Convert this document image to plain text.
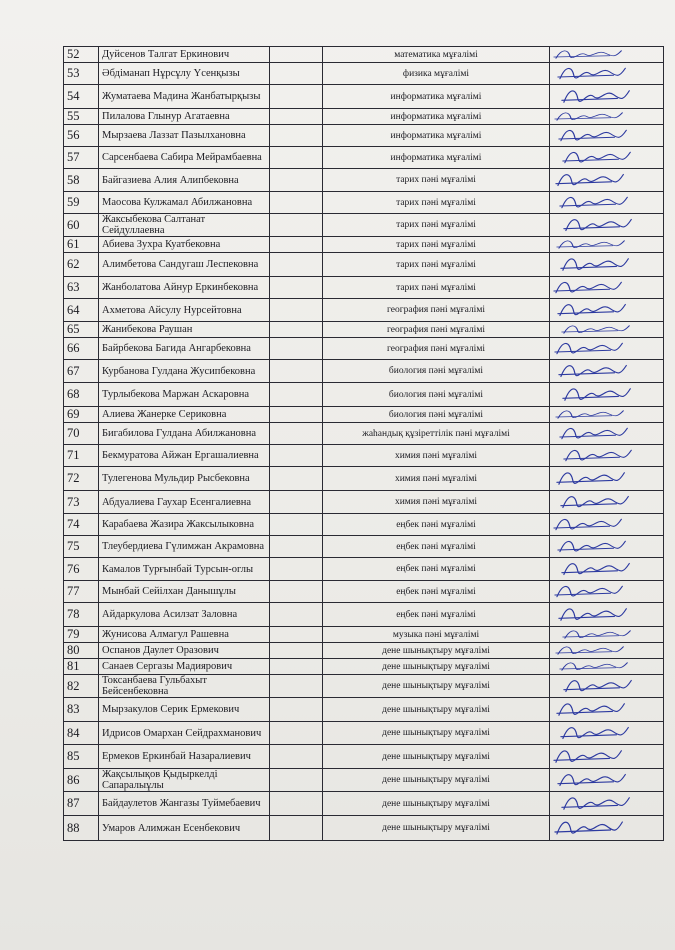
52	Дуйсенов Талгат Еркинович		математика мұғалімі	

53	Әбдіманап Нұрсұлу Үсенқызы		физика мұғалімі	

54	Жуматаева Мадина Жанбатырқызы		информатика мұғалімі	

55	Пилалова Глынур Агатаевна		информатика мұғалімі	

56	Мырзаева Лаззат Пазылхановна		информатика мұғалімі	

57	Сарсенбаева Сабира Мейрамбаевна		информатика мұғалімі	

58	Байгазиева Алия Алипбековна		тарих пәні мұғалімі	

59	Маосова Кулжамал Абилжановна		тарих пәні мұғалімі	

60	Жаксыбекова Салтанат Сейдуллаевна		тарих пәні мұғалімі	

61	Абиева Зухра Куатбековна		тарих пәні мұғалімі	

62	Алимбетова Сандугаш Леспековна		тарих пәні мұғалімі	

63	Жанболатова Айнур Еркинбековна		тарих пәні мұғалімі	

64	Ахметова Айсулу Нурсейтовна		география пәні мұғалімі	

65	Жанибекова Раушан		география пәні мұғалімі	

66	Байрбекова Багида Ангарбековна		география пәні мұғалімі	

67	Курбанова Гулдана Жусипбековна		биология пәні мұғалімі	

68	Турлыбекова Маржан Аскаровна		биология пәні мұғалімі	

69	Алиева Жанерке Сериковна		биология пәні мұғалімі	

70	Бигабилова Гулдана Абилжановна		жаһандық құзіреттілік пәні мұғалімі	

71	Бекмуратова Айжан Ергашалиевна		химия пәні мұғалімі	

72	Тулегенова Мульдир Рысбековна		химия пәні мұғалімі	

73	Абдуалиева Гаухар Есенгалиевна		химия пәні мұғалімі	

74	Карабаева Жазира Жаксылыковна		еңбек пәні мұғалімі	

75	Тлеубердиева Гүлимжан Акрамовна		еңбек пәні мұғалімі	

76	Камалов Турғынбай Турсын-оглы		еңбек пәні мұғалімі	

77	Мынбай Сейілхан Данышұлы		еңбек пәні мұғалімі	

78	Айдаркулова Асилзат Заловна		еңбек пәні мұғалімі	

79	Жунисова Алмагул Рашевна		музыка пәні мұғалімі	

80	Оспанов Даулет Оразович		дене шынықтыру мұғалімі	

81	Санаев Сергазы Мадиярович		дене шынықтыру мұғалімі	

82	Токсанбаева Гульбахыт Бейсенбековна		дене шынықтыру мұғалімі	

83	Мырзакулов Серик Ермекович		дене шынықтыру мұғалімі	

84	Идрисов Омархан Сейдрахманович		дене шынықтыру мұғалімі	

85	Ермеков Еркинбай Назаралиевич		дене шынықтыру мұғалімі	

86	Жақсылықов Қыдыркелді Сапаралыұлы		дене шынықтыру мұғалімі	

87	Байдаулетов Жангазы Туймебаевич		дене шынықтыру мұғалімі	

88	Умаров Алимжан Есенбекович		дене шынықтыру мұғалімі	
